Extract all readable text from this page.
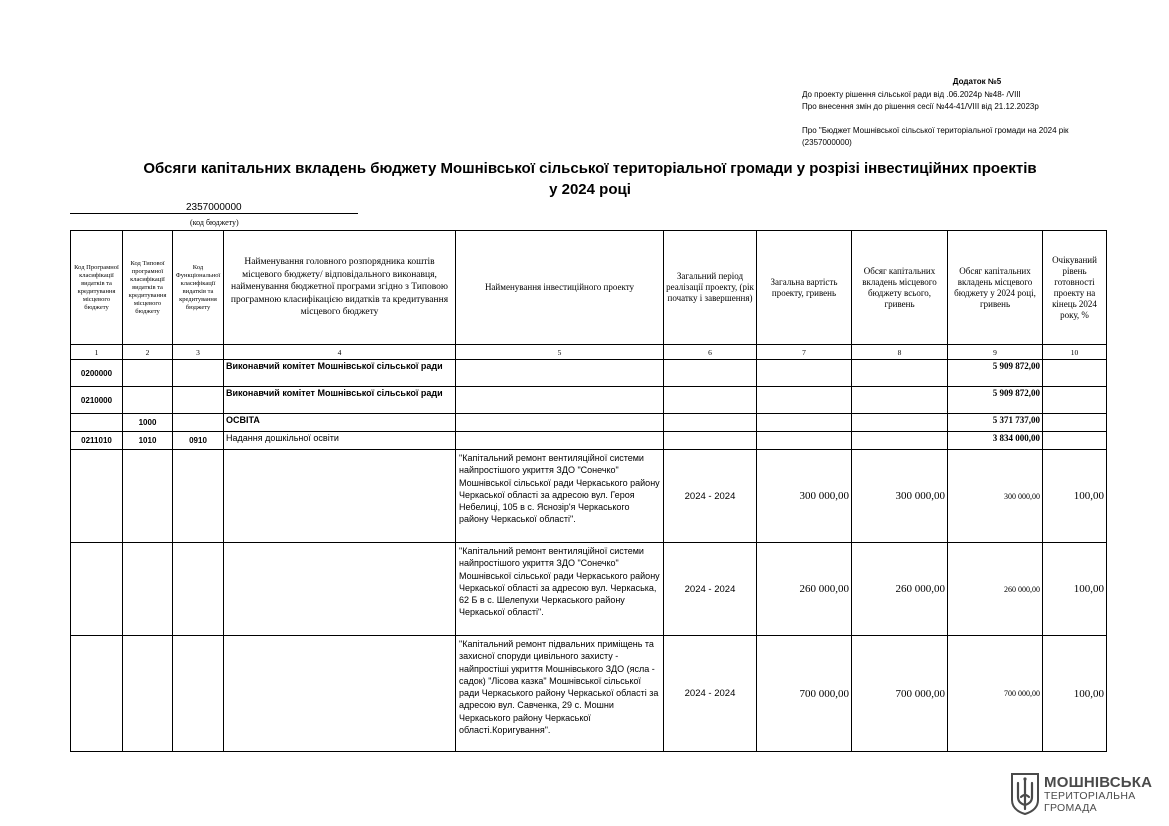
Додаток №5
До проекту рішення сільської ради від .06.2024р №48- /VIII
Про внесення змін до рішення сесії №44-41/VIII від 21.12.2023р
Про "Бюджет Мошнівської сільської територіальної громади на 2024 рік
(2357000000)
Обсяги капітальних вкладень бюджету Мошнівської сільської територіальної громади у розрізі інвестиційних проектів
у 2024 році
2357000000
(код бюджету)
Код Програмної класифікації видатків та кредитування місцевого бюджету	Код Типової програмної класифікації видатків та кредитування місцевого бюджету	Код Функціональної класифікації видатків та кредитування бюджету	Найменування головного розпорядника коштів місцевого бюджету/ відповідального виконавця, найменування бюджетної програми згідно з Типовою програмною класифікацією видатків та кредитування місцевого бюджету	Найменування інвестиційного проекту	Загальний період реалізації проекту, (рік початку і завершення)	Загальна вартість проекту, гривень	Обсяг капітальних вкладень місцевого бюджету всього, гривень	Обсяг капітальних вкладень місцевого бюджету у 2024 році, гривень	Очікуваний рівень готовності проекту на кінець 2024 року, %
1	2	3	4	5	6	7	8	9	10
0200000			Виконавчий комітет Мошнівської сільської ради					5 909 872,00	
0210000			Виконавчий комітет Мошнівської сільської ради					5 909 872,00	
	1000		ОСВІТА					5 371 737,00	
0211010	1010	0910	Надання дошкільної освіти					3 834 000,00	
				"Капітальний ремонт вентиляційної системи найпростішого укриття ЗДО "Сонечко" Мошнівської сільської ради Черкаського району Черкаської області за адресою вул. Героя Небелиці, 105 в с. Яснозір'я Черкаського району Черкаської області".	2024 - 2024	300 000,00	300 000,00	300 000,00	100,00
				"Капітальний ремонт вентиляційної системи найпростішого укриття ЗДО "Сонечко" Мошнівської сільської ради Черкаського району Черкаської області за адресою вул. Черкаська, 62 Б в с. Шелепухи Черкаського району Черкаської області".	2024 - 2024	260 000,00	260 000,00	260 000,00	100,00
				"Капітальний ремонт підвальних приміщень та захисної споруди цивільного захисту - найпростіші укриття Мошнівського ЗДО (ясла - садок) "Лісова казка" Мошнівської сільської ради Черкаського району Черкаської області за адресою вул. Савченка, 29 с. Мошни Черкаського району Черкаської області.Коригування".	2024 - 2024	700 000,00	700 000,00	700 000,00	100,00
МОШНІВСЬКА
ТЕРИТОРІАЛЬНА
ГРОМАДА
